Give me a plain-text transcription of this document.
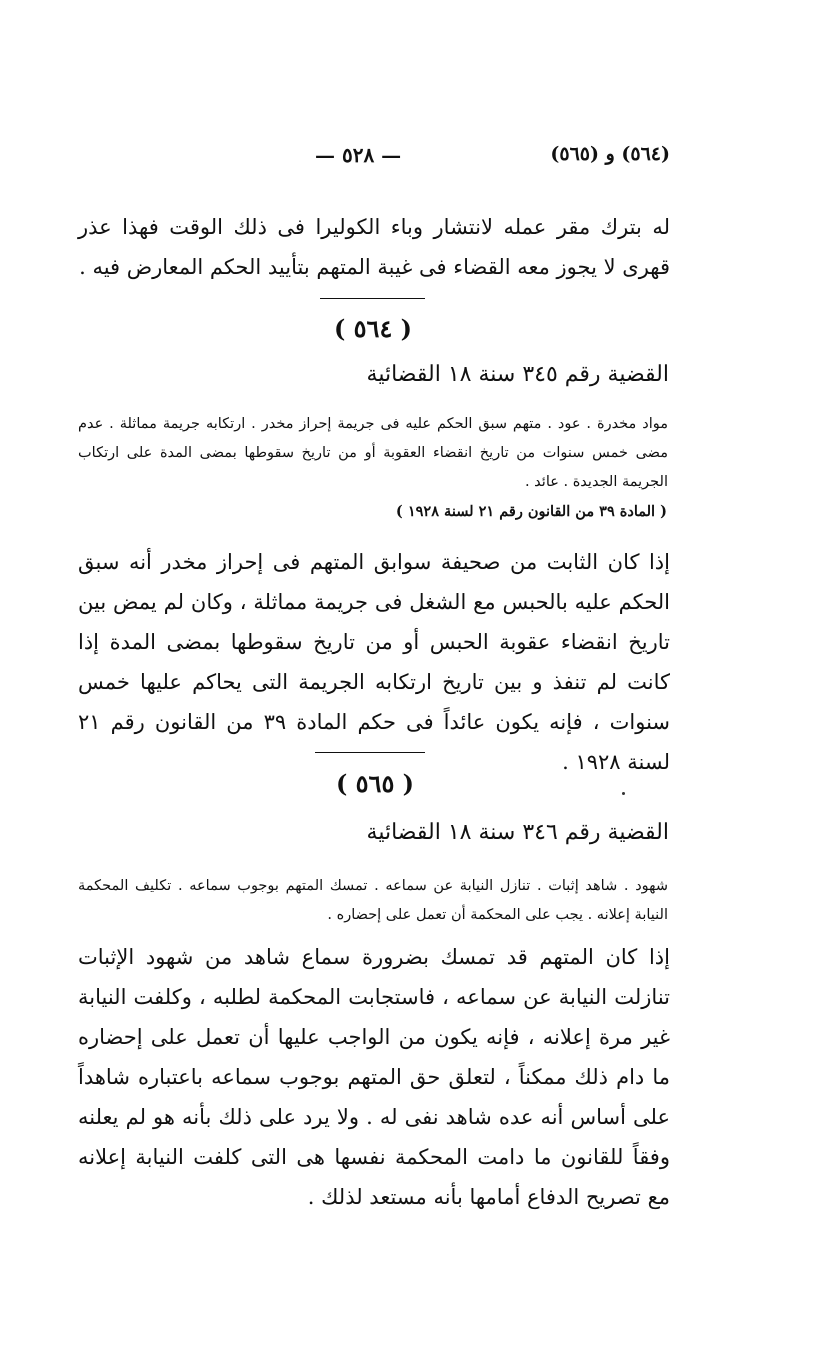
— ٥٢٨ —	(٥٦٤) و (٥٦٥)
له بترك مقر عمله لانتشار وباء الكوليرا فى ذلك الوقت فهذا عذر قهرى لا يجوز معه القضاء فى غيبة المتهم بتأييد الحكم المعارض فيه .
( ٥٦٤ )
القضية رقم ٣٤٥ سنة ١٨ القضائية
مواد مخدرة . عود . متهم سبق الحكم عليه فى جريمة إحراز مخدر . ارتكابه جريمة مماثلة . عدم مضى خمس سنوات من تاريخ انقضاء العقوبة أو من تاريخ سقوطها بمضى المدة على ارتكاب الجريمة الجديدة . عائد .
( المادة ٣٩ من القانون رقم ٢١ لسنة ١٩٢٨ )
إذا كان الثابت من صحيفة سوابق المتهم فى إحراز مخدر أنه سبق الحكم عليه بالحبس مع الشغل فى جريمة مماثلة ، وكان لم يمض بين تاريخ انقضاء عقوبة الحبس أو من تاريخ سقوطها بمضى المدة إذا كانت لم تنفذ و بين تاريخ ارتكابه الجريمة التى يحاكم عليها خمس سنوات ، فإنه يكون عائداً فى حكم المادة ٣٩ من القانون رقم ٢١ لسنة ١٩٢٨ .
( ٥٦٥ )
القضية رقم ٣٤٦ سنة ١٨ القضائية
شهود . شاهد إثبات . تنازل النيابة عن سماعه . تمسك المتهم بوجوب سماعه . تكليف المحكمة النيابة إعلانه . يجب على المحكمة أن تعمل على إحضاره .
إذا كان المتهم قد تمسك بضرورة سماع شاهد من شهود الإثبات تنازلت النيابة عن سماعه ، فاستجابت المحكمة لطلبه ، وكلفت النيابة غير مرة إعلانه ، فإنه يكون من الواجب عليها أن تعمل على إحضاره ما دام ذلك ممكناً ، لتعلق حق المتهم بوجوب سماعه باعتباره شاهداً على أساس أنه عده شاهد نفى له . ولا يرد على ذلك بأنه هو لم يعلنه وفقاً للقانون ما دامت المحكمة نفسها هى التى كلفت النيابة إعلانه مع تصريح الدفاع أمامها بأنه مستعد لذلك .
